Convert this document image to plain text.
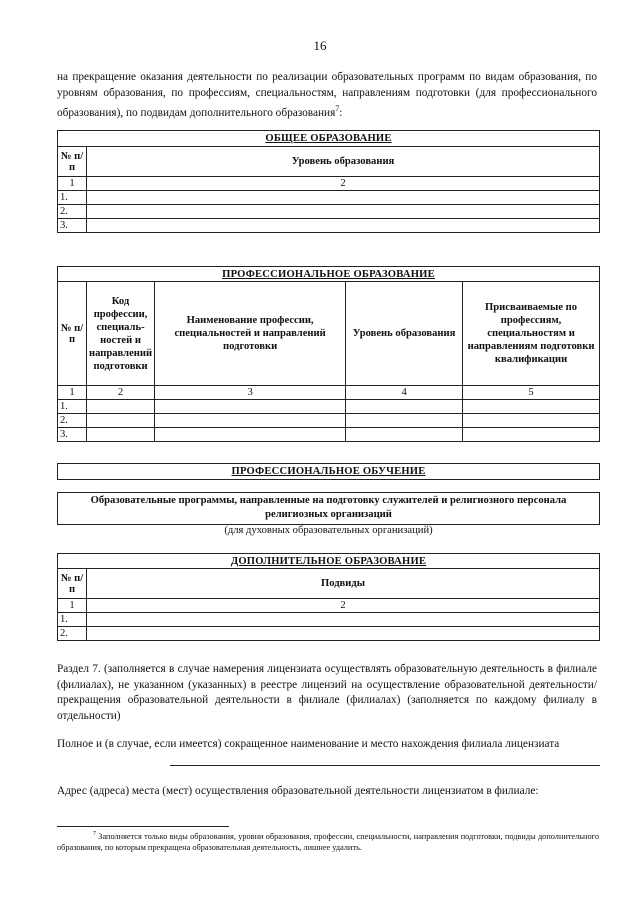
16
на прекращение оказания деятельности по реализации образовательных программ по видам образования, по уровням образования, по профессиям, специальностям, направлениям подготовки (для профессионального образования), по подвидам дополнительного образования$^7$:
ОБЩЕЕ ОБРАЗОВАНИЕ	
№ п/п	Уровень образования
1	2
1.	
2.	
3.	
ПРОФЕССИОНАЛЬНОЕ ОБРАЗОВАНИЕ				
№ п/п	Код профессии, специаль-ностей и направлений подготовки	Наименование профессии, специальностей и направлений подготовки	Уровень образования	Присваиваемые по профессиям, специальностям и направлениям подготовки квалификации
1	2	3	4	5
1.				
2.				
3.				
ПРОФЕССИОНАЛЬНОЕ ОБУЧЕНИЕ
Образовательные программы, направленные на подготовку служителей и религиозного персонала религиозных организаций
(для духовных образовательных организаций)
ДОПОЛНИТЕЛЬНОЕ ОБРАЗОВАНИЕ	
№ п/п	Подвиды
1	2
1.	
2.	
Раздел 7. (заполняется в случае намерения лицензиата осуществлять образовательную деятельность в филиале (филиалах), не указанном (указанных) в реестре лицензий на осуществление образовательной деятельности/прекращения образовательной деятельности в филиале (филиалах) (заполняется по каждому филиалу в отдельности)
Полное и (в случае, если имеется) сокращенное наименование и место нахождения филиала лицензиата
Адрес (адреса) места (мест) осуществления образовательной деятельности лицензиатом в филиале:
$^7$ Заполняется только виды образования, уровни образования, профессии, специальности, направления подготовки, подвиды дополнительного образования, по которым прекращена образовательная деятельность, лишнее удалить.
